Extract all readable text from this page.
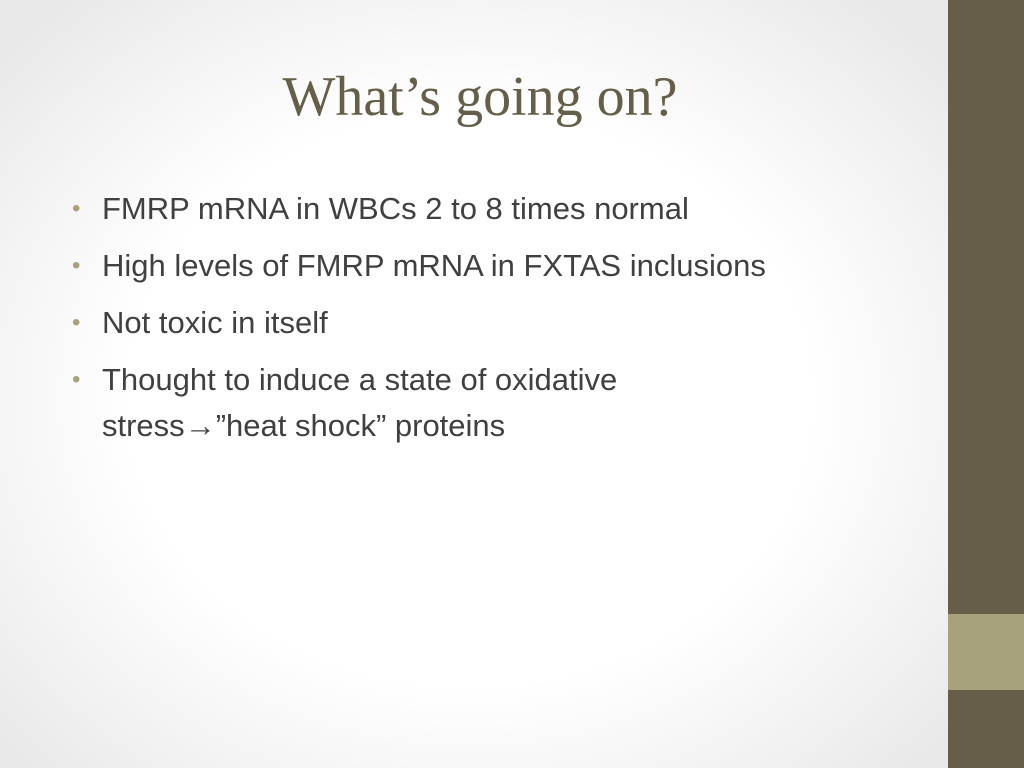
What’s going on?
• FMRP mRNA in WBCs 2 to 8 times normal
• High levels of FMRP mRNA in FXTAS inclusions
• Not toxic in itself
• Thought to induce a state of oxidative
stress→”heat shock” proteins
